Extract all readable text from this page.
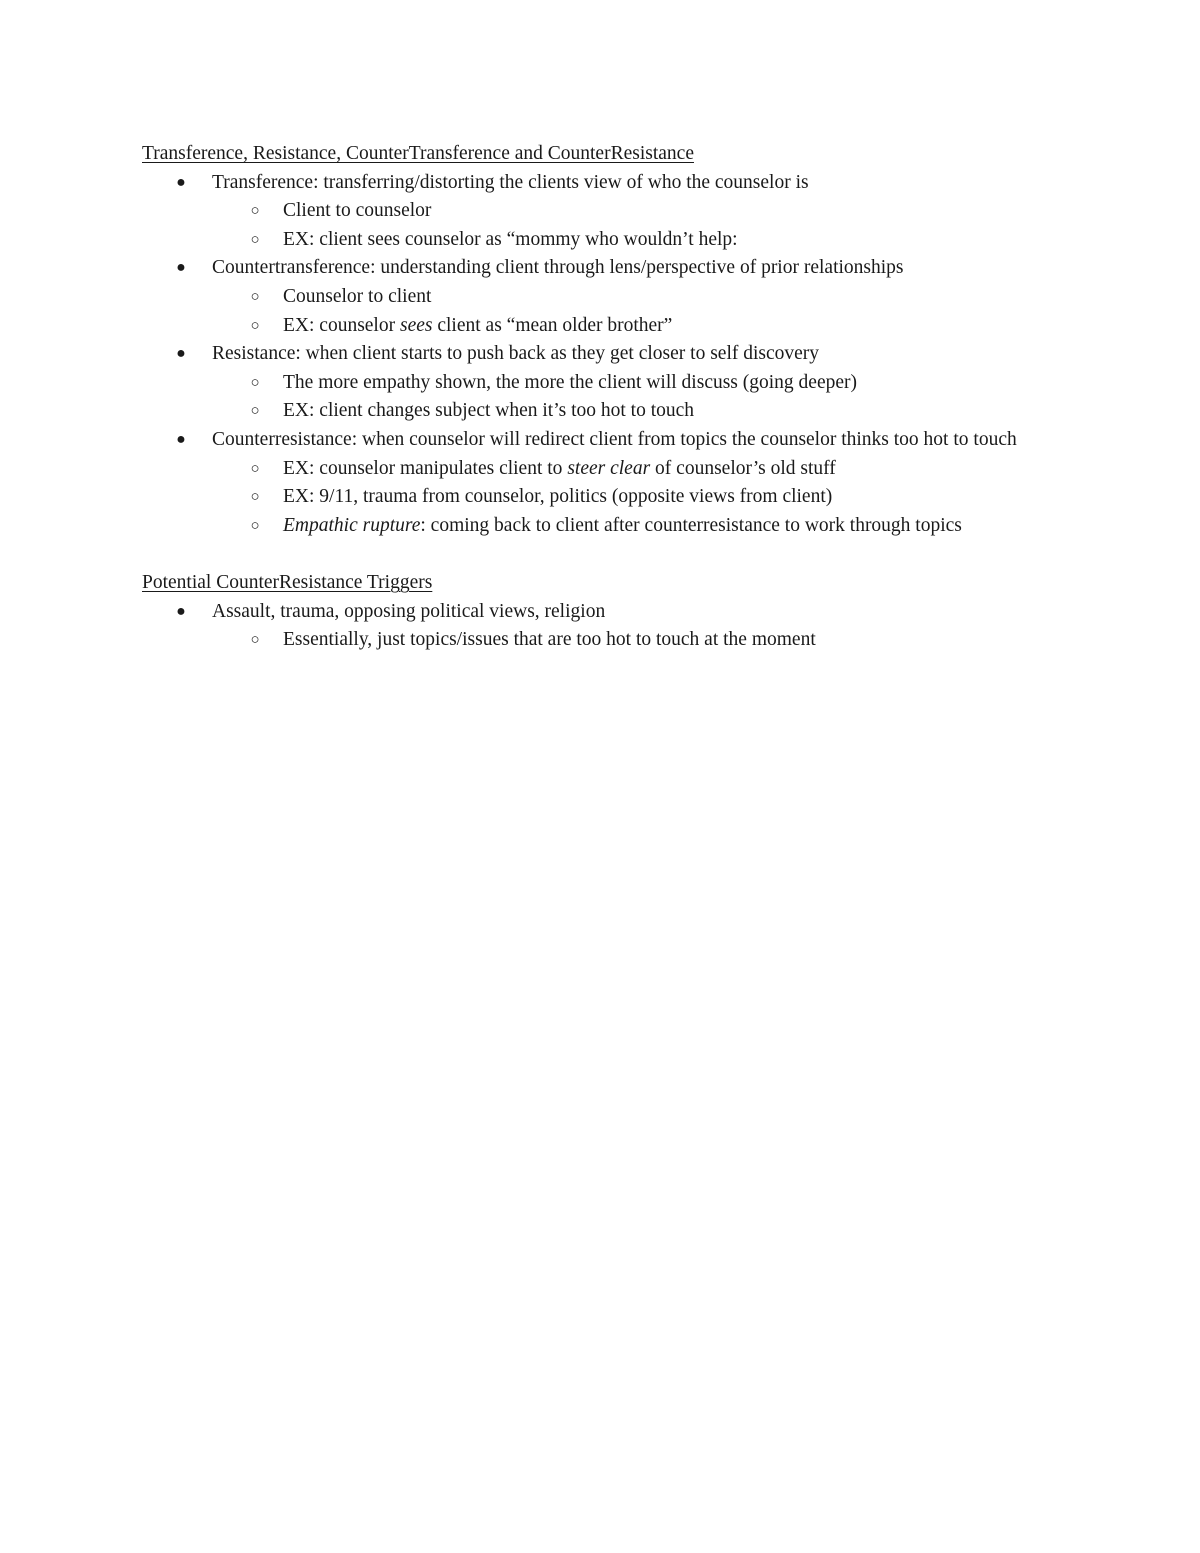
Transference, Resistance, CounterTransference and CounterResistance

● Transference: transferring/distorting the clients view of who the counselor is
○ Client to counselor
○ EX: client sees counselor as “mommy who wouldn’t help:
● Countertransference: understanding client through lens/perspective of prior relationships
○ Counselor to client
○ EX: counselor sees client as “mean older brother”
● Resistance: when client starts to push back as they get closer to self discovery
○ The more empathy shown, the more the client will discuss (going deeper)
○ EX: client changes subject when it’s too hot to touch
● Counterresistance: when counselor will redirect client from topics the counselor thinks too hot to touch
○ EX: counselor manipulates client to steer clear of counselor’s old stuff
○ EX: 9/11, trauma from counselor, politics (opposite views from client)
○ Empathic rupture: coming back to client after counterresistance to work through topics

Potential CounterResistance Triggers

● Assault, trauma, opposing political views, religion
○ Essentially, just topics/issues that are too hot to touch at the moment
